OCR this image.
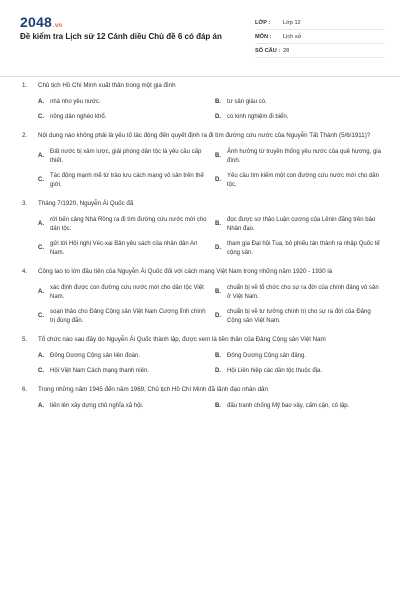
2048.vn
Đề kiểm tra Lịch sử 12 Cánh diều Chủ đề 6 có đáp án
LỚP :	Lớp 12
MÔN :	Lịch sử
SỐ CÂU : 28
1.	Chủ tịch Hồ Chí Minh xuất thân trong một gia đình
A.	nhà nho yêu nước.	B.	tư sản giàu có.
C.	nông dân nghèo khổ.	D.	có kinh nghiệm đi biển.
2.	Nội dung nào không phải là yếu tố tác động đến quyết định ra đi tìm đường cứu nước của Nguyễn Tất Thành (5/6/1911)?
A.
Đất nước bị xâm lược, giải phóng dân tộc là yêu cầu cấp thiết.
B.
Ảnh hưởng từ truyền thống yêu nước của quê hương, gia đình.
C.
Tác động mạnh mẽ từ trào lưu cách mạng vô sản trên thế giới.
D.
Yêu cầu tìm kiếm một con đường cứu nước mới cho dân tộc.
3.	Tháng 7/1920, Nguyễn Ái Quốc đã
A.
rời bến cảng Nhà Rồng ra đi tìm đường cứu nước mới cho dân tộc.
B.
đọc được sơ thảo Luận cương của Lênin đăng trên báo Nhân đạo.
C.
gửi tới Hội nghị Véc-xai Bản yêu sách của nhân dân An Nam.
D.
tham gia Đại hội Tua, bỏ phiếu tán thành ra nhập Quốc tế cộng sản.
4.	Công lao to lớn đầu tiên của Nguyễn Ái Quốc đối với cách mạng Việt Nam trong những năm 1920 - 1930 là
A.
xác định được con đường cứu nước mới cho dân tộc Việt Nam.
B.
chuẩn bị về tổ chức cho sự ra đời của chính đảng vô sản ở Việt Nam.
C.
soạn thảo cho Đảng Cộng sản Việt Nam Cương lĩnh chính trị đúng đắn.
D.
chuẩn bị về tư tưởng chính trị cho sự ra đời của Đảng Cộng sản Việt Nam.
5.	Tổ chức nào sau đây do Nguyễn Ái Quốc thành lập, được xem là tiền thân của Đảng Cộng sản Việt Nam
A.	Đông Dương Cộng sản liên đoàn.	B.	Đông Dương Cộng sản đảng.
C.	Hội Việt Nam Cách mạng thanh niên.	D.	Hội Liên hiệp các dân tộc thuộc địa.
6.	Trong những năm 1945 đến năm 1969, Chủ tịch Hồ Chí Minh đã lãnh đạo nhân dân
A.	tiến lên xây dựng chủ nghĩa xã hội.	B.	đấu tranh chống Mỹ bao vây, cấm cận, cô lập.
